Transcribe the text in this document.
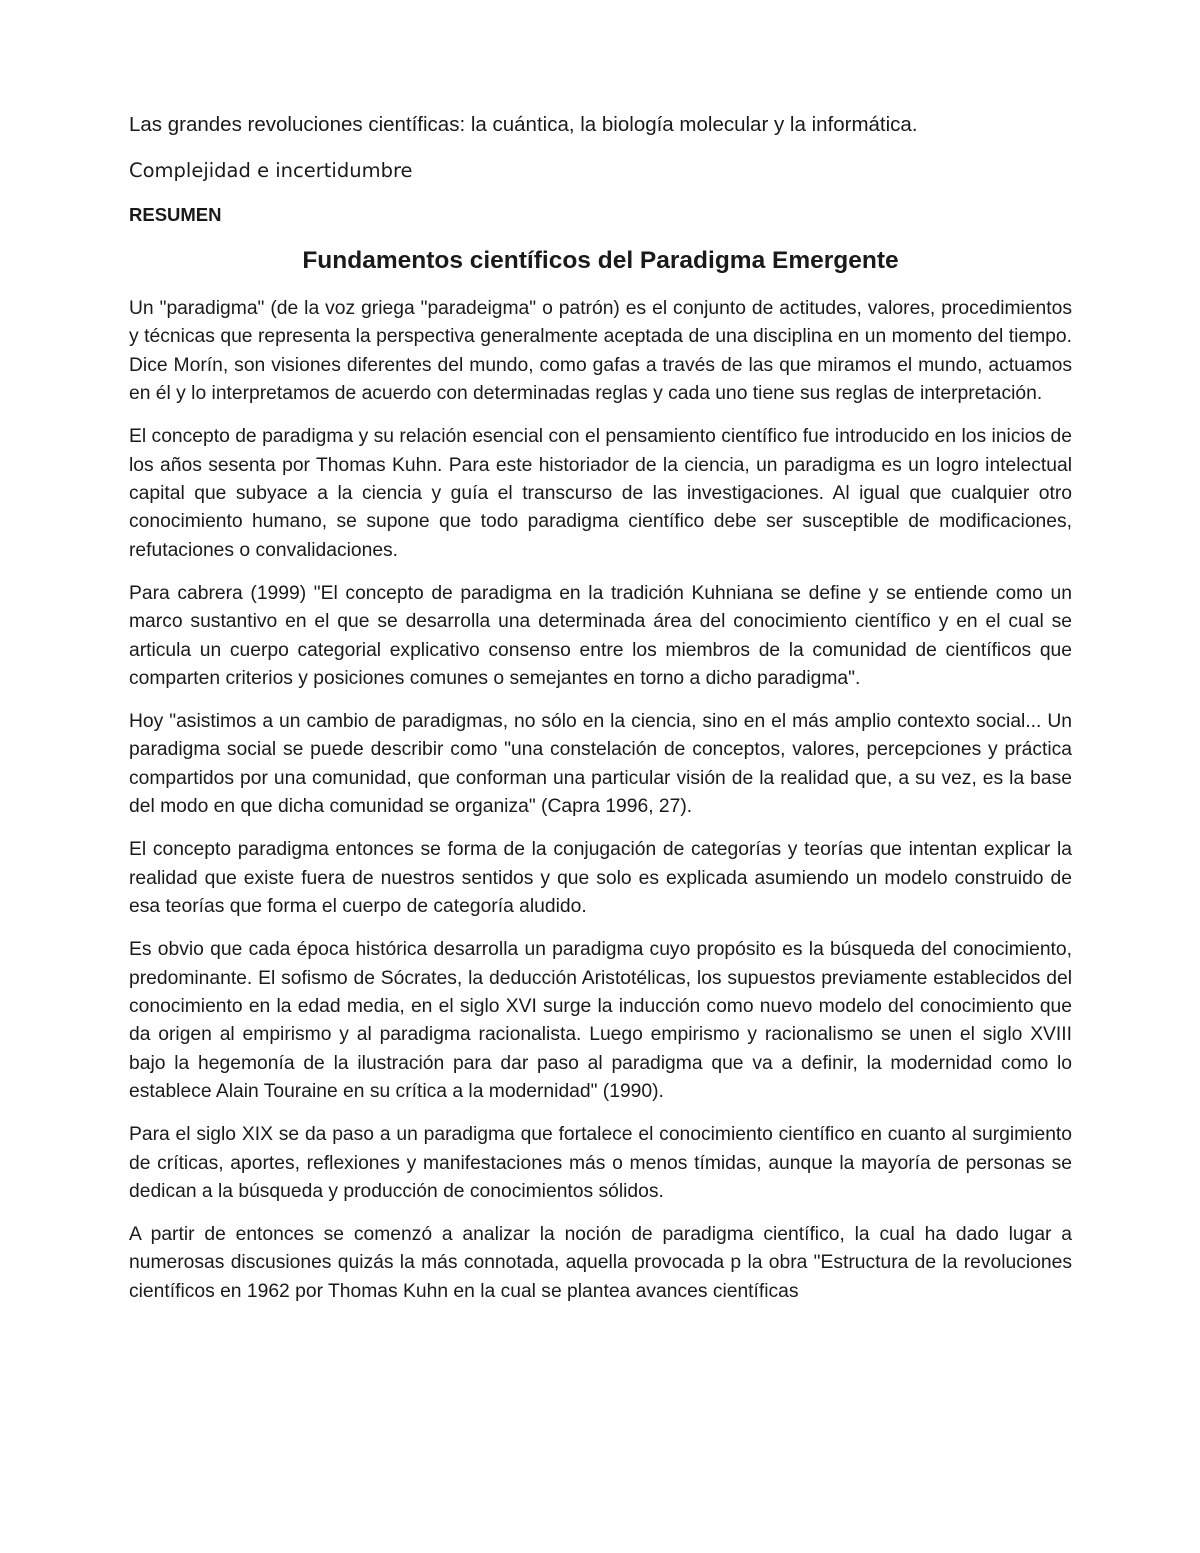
Las grandes revoluciones científicas: la cuántica, la biología molecular y la informática.

Complejidad e incertidumbre

RESUMEN

Fundamentos científicos del Paradigma Emergente

Un "paradigma" (de la voz griega "paradeigma" o patrón) es el conjunto de actitudes, valores, procedimientos y técnicas que representa la perspectiva generalmente aceptada de una disciplina en un momento del tiempo. Dice Morín, son visiones diferentes del mundo, como gafas a través de las que miramos el mundo, actuamos en él y lo interpretamos de acuerdo con determinadas reglas y cada uno tiene sus reglas de interpretación.

El concepto de paradigma y su relación esencial con el pensamiento científico fue introducido en los inicios de los años sesenta por Thomas Kuhn. Para este historiador de la ciencia, un paradigma es un logro intelectual capital que subyace a la ciencia y guía el transcurso de las investigaciones. Al igual que cualquier otro conocimiento humano, se supone que todo paradigma científico debe ser susceptible de modificaciones, refutaciones o convalidaciones.

Para cabrera (1999) "El concepto de paradigma en la tradición Kuhniana se define y se entiende como un marco sustantivo en el que se desarrolla una determinada área del conocimiento científico y en el cual se articula un cuerpo categorial explicativo consenso entre los miembros de la comunidad de científicos que comparten criterios y posiciones comunes o semejantes en torno a dicho paradigma".

Hoy "asistimos a un cambio de paradigmas, no sólo en la ciencia, sino en el más amplio contexto social... Un paradigma social se puede describir como "una constelación de conceptos, valores, percepciones y práctica compartidos por una comunidad, que conforman una particular visión de la realidad que, a su vez, es la base del modo en que dicha comunidad se organiza" (Capra 1996, 27).

El concepto paradigma entonces se forma de la conjugación de categorías y teorías que intentan explicar la realidad que existe fuera de nuestros sentidos y que solo es explicada asumiendo un modelo construido de esa teorías que forma el cuerpo de categoría aludido.

Es obvio que cada época histórica desarrolla un paradigma cuyo propósito es la búsqueda del conocimiento, predominante. El sofismo de Sócrates, la deducción Aristotélicas, los supuestos previamente establecidos del conocimiento en la edad media, en el siglo XVI surge la inducción como nuevo modelo del conocimiento que da origen al empirismo y al paradigma racionalista. Luego empirismo y racionalismo se unen el siglo XVIII bajo la hegemonía de la ilustración para dar paso al paradigma que va a definir, la modernidad como lo establece Alain Touraine en su crítica a la modernidad" (1990).

Para el siglo XIX se da paso a un paradigma que fortalece el conocimiento científico en cuanto al surgimiento de críticas, aportes, reflexiones y manifestaciones más o menos tímidas, aunque la mayoría de personas se dedican a la búsqueda y producción de conocimientos sólidos.

A partir de entonces se comenzó a analizar la noción de paradigma científico, la cual ha dado lugar a numerosas discusiones quizás la más connotada, aquella provocada p la obra "Estructura de la revoluciones científicos en 1962 por Thomas Kuhn en la cual se plantea avances científicas
